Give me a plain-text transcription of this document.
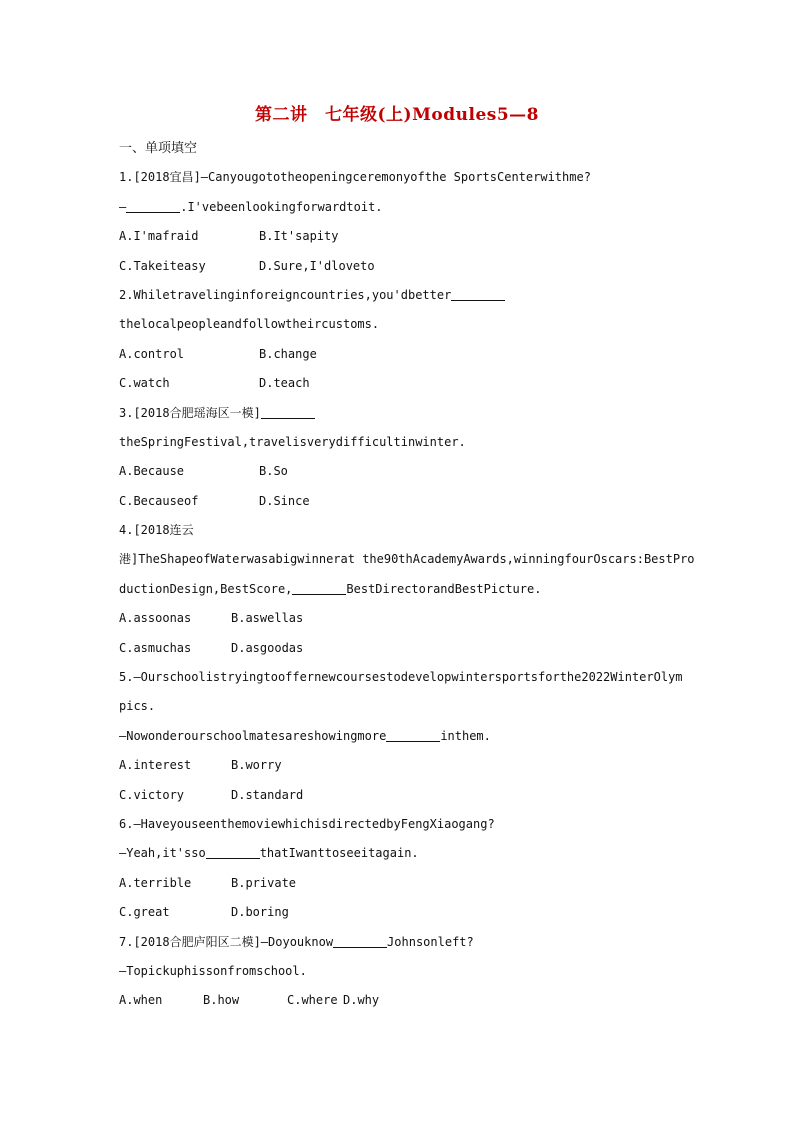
第二讲　七年级(上)Modules5—8
一、单项填空
1.[2018宜昌]—Canyougototheopeningceremonyofthe SportsCenterwithme?
—	.I'vebeenlookingforwardtoit.
A.I'mafraid	B.It'sapity
C.Takeiteasy	D.Sure,I'dloveto
2.Whiletravelinginforeigncountries,you'dbetter
thelocalpeopleandfollowtheircustoms.
A.control	B.change
C.watch	D.teach
3.[2018合肥瑶海区一模]
theSpringFestival,travelisverydifficultinwinter.
A.Because	B.So
C.Becauseof	D.Since
4.[2018连云
港]TheShapeofWaterwasabigwinnerat the90thAcademyAwards,winningfourOscars:BestPro
ductionDesign,BestScore,	BestDirectorandBestPicture.
A.assoonas	B.aswellas
C.asmuchas	D.asgoodas
5.—Ourschoolistryingtooffernewcoursestodevelopwintersportsforthe2022WinterOlym
pics.
—Nowonderourschoolmatesareshowingmore	inthem.
A.interest	B.worry
C.victory	D.standard
6.—HaveyouseenthemoviewhichisdirectedbyFengXiaogang?
—Yeah,it'sso	thatIwanttoseeitagain.
A.terrible	B.private
C.great	D.boring
7.[2018合肥庐阳区二模]—Doyouknow	Johnsonleft?
—Topickuphissonfromschool.
A.when	B.how	C.where D.why
